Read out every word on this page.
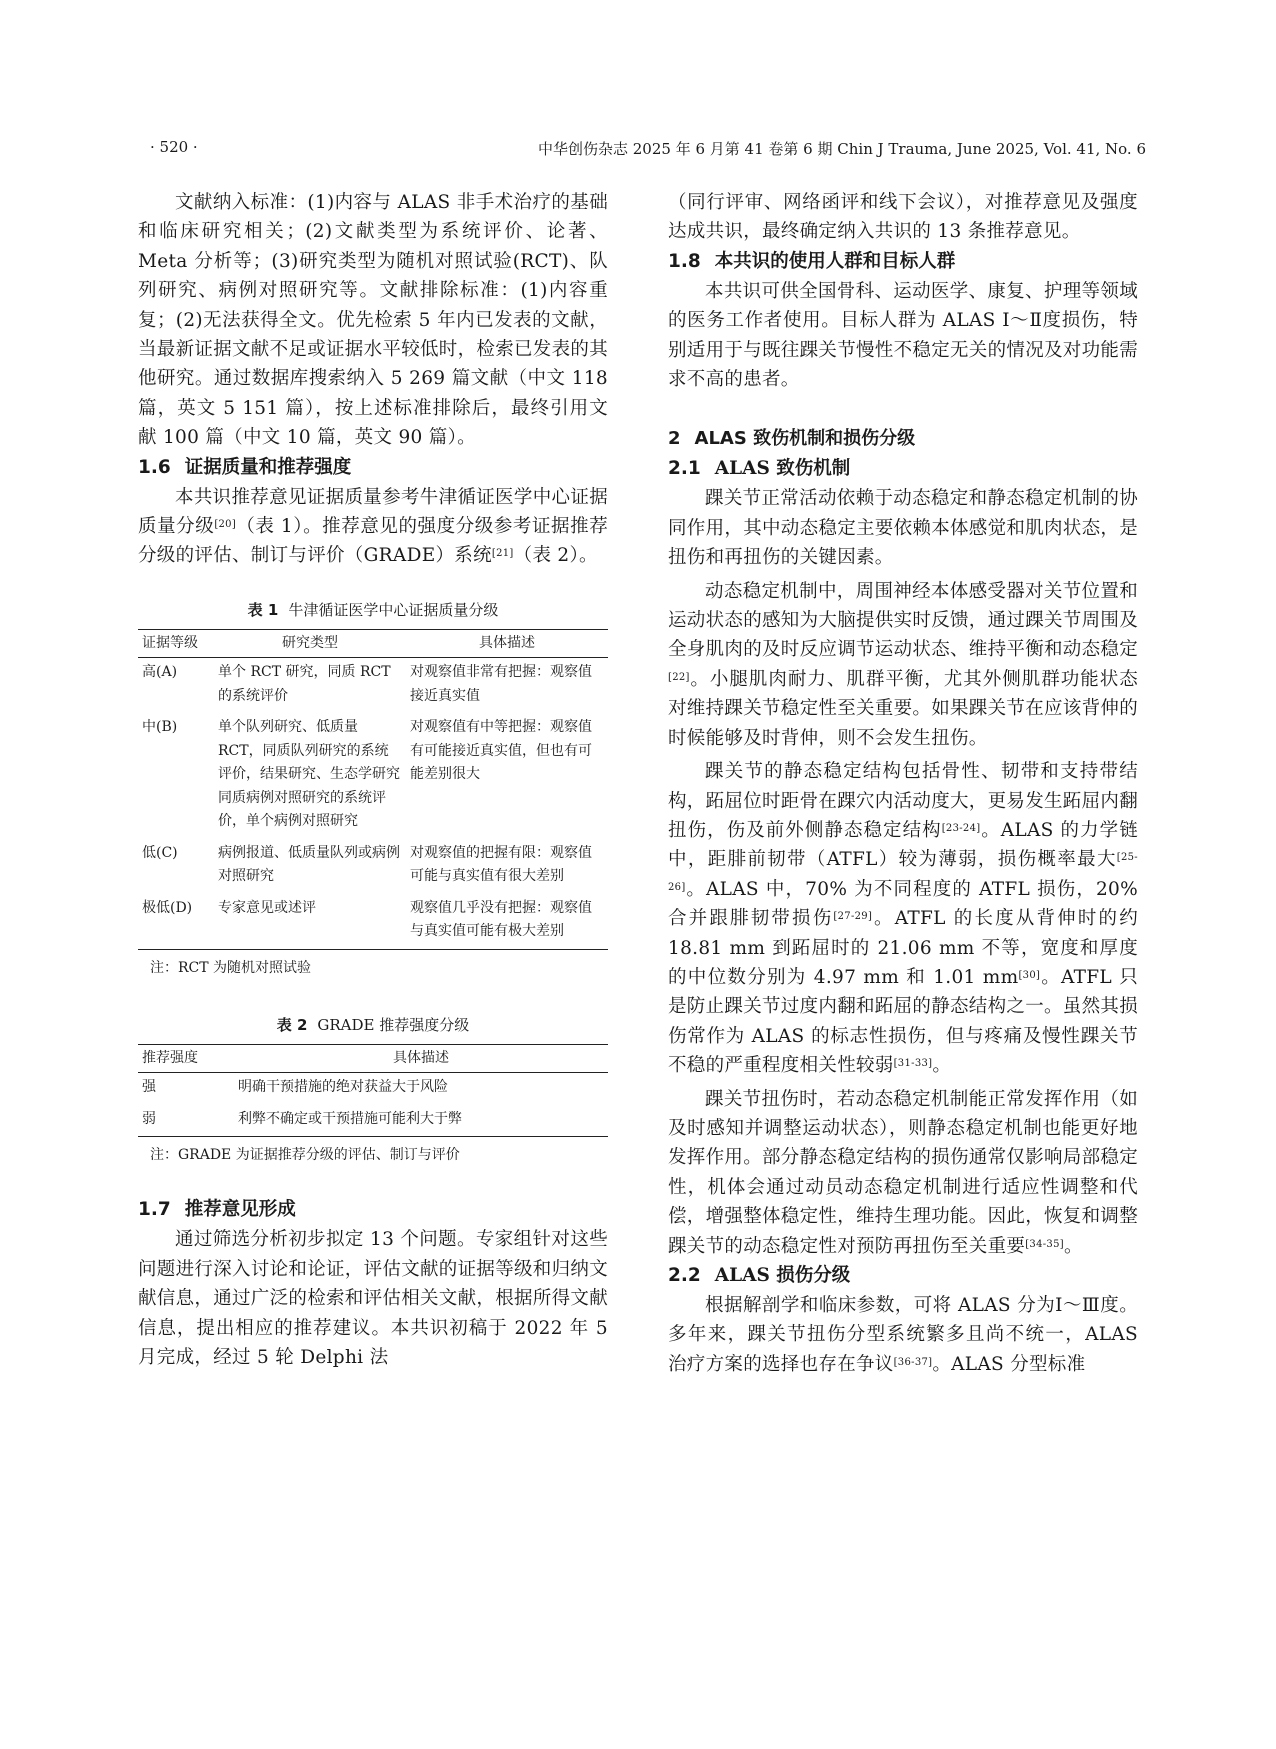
· 520 ·	中华创伤杂志 2025 年 6 月第 41 卷第 6 期 Chin J Trauma, June 2025, Vol. 41, No. 6

文献纳入标准：(1)内容与 ALAS 非手术治疗的基础和临床研究相关；(2)文献类型为系统评价、论著、Meta 分析等；(3)研究类型为随机对照试验(RCT)、队列研究、病例对照研究等。文献排除标准：(1)内容重复；(2)无法获得全文。优先检索 5 年内已发表的文献，当最新证据文献不足或证据水平较低时，检索已发表的其他研究。通过数据库搜索纳入 5 269 篇文献（中文 118 篇，英文 5 151 篇），按上述标准排除后，最终引用文献 100 篇（中文 10 篇，英文 90 篇）。

1.6 证据质量和推荐强度

本共识推荐意见证据质量参考牛津循证医学中心证据质量分级[20]（表 1）。推荐意见的强度分级参考证据推荐分级的评估、制订与评价（GRADE）系统[21]（表 2）。

表 1 牛津循证医学中心证据质量分级

证据等级	研究类型	具体描述
高(A)	单个 RCT 研究，同质 RCT 的系统评价	对观察值非常有把握：观察值接近真实值
中(B)	单个队列研究、低质量 RCT，同质队列研究的系统评价，结果研究、生态学研究同质病例对照研究的系统评价，单个病例对照研究	对观察值有中等把握：观察值有可能接近真实值，但也有可能差别很大
低(C)	病例报道、低质量队列或病例对照研究	对观察值的把握有限：观察值可能与真实值有很大差别
极低(D)	专家意见或述评	观察值几乎没有把握：观察值与真实值可能有极大差别

注：RCT 为随机对照试验

表 2 GRADE 推荐强度分级

推荐强度	具体描述
强	明确干预措施的绝对获益大于风险
弱	利弊不确定或干预措施可能利大于弊

注：GRADE 为证据推荐分级的评估、制订与评价

1.7 推荐意见形成

通过筛选分析初步拟定 13 个问题。专家组针对这些问题进行深入讨论和论证，评估文献的证据等级和归纳文献信息，通过广泛的检索和评估相关文献，根据所得文献信息，提出相应的推荐建议。本共识初稿于 2022 年 5 月完成，经过 5 轮 Delphi 法

（同行评审、网络函评和线下会议），对推荐意见及强度达成共识，最终确定纳入共识的 13 条推荐意见。

1.8 本共识的使用人群和目标人群

本共识可供全国骨科、运动医学、康复、护理等领域的医务工作者使用。目标人群为 ALAS Ⅰ～Ⅱ度损伤，特别适用于与既往踝关节慢性不稳定无关的情况及对功能需求不高的患者。

2 ALAS 致伤机制和损伤分级
2.1 ALAS 致伤机制

踝关节正常活动依赖于动态稳定和静态稳定机制的协同作用，其中动态稳定主要依赖本体感觉和肌肉状态，是扭伤和再扭伤的关键因素。

动态稳定机制中，周围神经本体感受器对关节位置和运动状态的感知为大脑提供实时反馈，通过踝关节周围及全身肌肉的及时反应调节运动状态、维持平衡和动态稳定[22]。小腿肌肉耐力、肌群平衡，尤其外侧肌群功能状态对维持踝关节稳定性至关重要。如果踝关节在应该背伸的时候能够及时背伸，则不会发生扭伤。

踝关节的静态稳定结构包括骨性、韧带和支持带结构，跖屈位时距骨在踝穴内活动度大，更易发生跖屈内翻扭伤，伤及前外侧静态稳定结构[23-24]。ALAS 的力学链中，距腓前韧带（ATFL）较为薄弱，损伤概率最大[25-26]。ALAS 中，70% 为不同程度的 ATFL 损伤，20% 合并跟腓韧带损伤[27-29]。ATFL 的长度从背伸时的约 18.81 mm 到跖屈时的 21.06 mm 不等，宽度和厚度的中位数分别为 4.97 mm 和 1.01 mm[30]。ATFL 只是防止踝关节过度内翻和跖屈的静态结构之一。虽然其损伤常作为 ALAS 的标志性损伤，但与疼痛及慢性踝关节不稳的严重程度相关性较弱[31-33]。

踝关节扭伤时，若动态稳定机制能正常发挥作用（如及时感知并调整运动状态），则静态稳定机制也能更好地发挥作用。部分静态稳定结构的损伤通常仅影响局部稳定性，机体会通过动员动态稳定机制进行适应性调整和代偿，增强整体稳定性，维持生理功能。因此，恢复和调整踝关节的动态稳定性对预防再扭伤至关重要[34-35]。

2.2 ALAS 损伤分级

根据解剖学和临床参数，可将 ALAS 分为Ⅰ～Ⅲ度。多年来，踝关节扭伤分型系统繁多且尚不统一，ALAS 治疗方案的选择也存在争议[36-37]。ALAS 分型标准
